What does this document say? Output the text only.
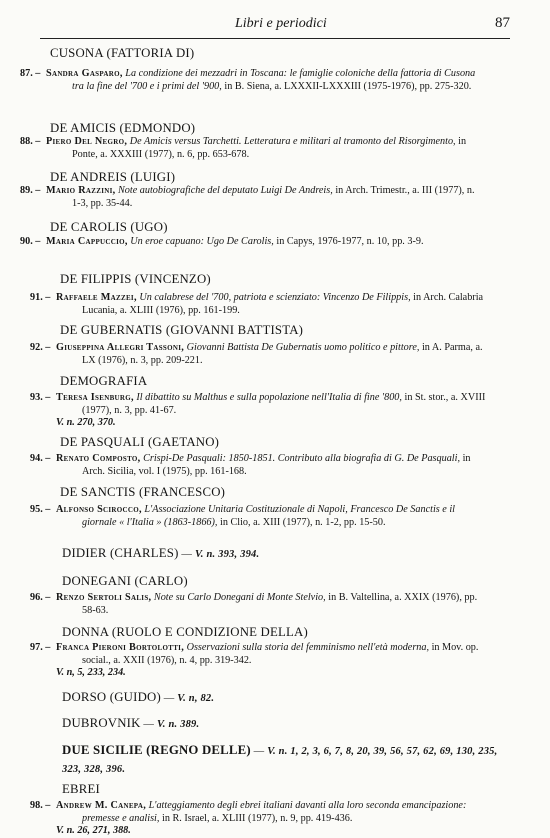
Libri e periodici	87
CUSONA (FATTORIA DI)
87. – Sandra Gasparo, La condizione dei mezzadri in Toscana: le famiglie coloniche della fattoria di Cusona tra la fine del '700 e i primi del '900, in B. Siena, a. LXXXII-LXXXIII (1975-1976), pp. 275-320.
DE AMICIS (EDMONDO)
88. – Piero Del Negro, De Amicis versus Tarchetti. Letteratura e militari al tramonto del Risorgimento, in Ponte, a. XXXIII (1977), n. 6, pp. 653-678.
DE ANDREIS (LUIGI)
89. – Mario Razzini, Note autobiografiche del deputato Luigi De Andreis, in Arch. Trimestr., a. III (1977), n. 1-3, pp. 35-44.
DE CAROLIS (UGO)
90. – Maria Cappuccio, Un eroe capuano: Ugo De Carolis, in Capys, 1976-1977, n. 10, pp. 3-9.
DE FILIPPIS (VINCENZO)
91. – Raffaele Mazzei, Un calabrese del '700, patriota e scienziato: Vincenzo De Filippis, in Arch. Calabria Lucania, a. XLIII (1976), pp. 161-199.
DE GUBERNATIS (GIOVANNI BATTISTA)
92. – Giuseppina Allegri Tassoni, Giovanni Battista De Gubernatis uomo politico e pittore, in A. Parma, a. LX (1976), n. 3, pp. 209-221.
DEMOGRAFIA
93. – Teresa Isenburg, Il dibattito su Malthus e sulla popolazione nell'Italia di fine '800, in St. stor., a. XVIII (1977), n. 3, pp. 41-67.
V. n. 270, 370.
DE PASQUALI (GAETANO)
94. – Renato Composto, Crispi-De Pasquali: 1850-1851. Contributo alla biografia di G. De Pasquali, in Arch. Sicilia, vol. I (1975), pp. 161-168.
DE SANCTIS (FRANCESCO)
95. – Alfonso Scirocco, L'Associazione Unitaria Costituzionale di Napoli, Francesco De Sanctis e il giornale « l'Italia » (1863-1866), in Clio, a. XIII (1977), n. 1-2, pp. 15-50.
DIDIER (CHARLES) — V. n. 393, 394.
DONEGANI (CARLO)
96. – Renzo Sertoli Salis, Note su Carlo Donegani di Monte Stelvio, in B. Valtellina, a. XXIX (1976), pp. 58-63.
DONNA (RUOLO E CONDIZIONE DELLA)
97. – Franca Pieroni Bortolotti, Osservazioni sulla storia del femminismo nell'età moderna, in Mov. op. social., a. XXII (1976), n. 4, pp. 319-342.
V. n, 5, 233, 234.
DORSO (GUIDO) — V. n, 82.
DUBROVNIK — V. n. 389.
DUE SICILIE (REGNO DELLE) — V. n. 1, 2, 3, 6, 7, 8, 20, 39, 56, 57, 62, 69, 130, 235, 323, 328, 396.
EBREI
98. – Andrew M. Canepa, L'atteggiamento degli ebrei italiani davanti alla loro seconda emancipazione: premesse e analisi, in R. Israel, a. XLIII (1977), n. 9, pp. 419-436.
V. n. 26, 271, 388.
